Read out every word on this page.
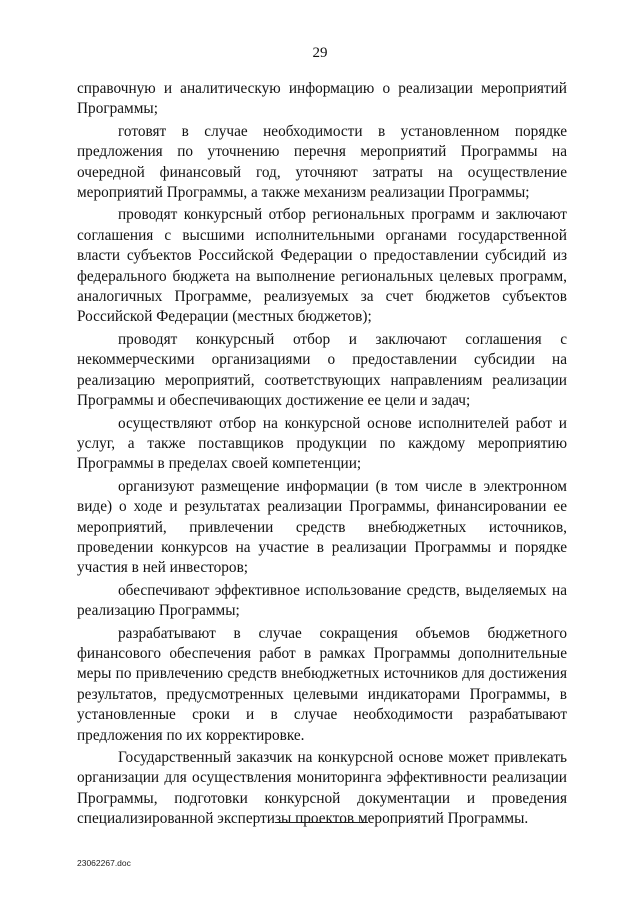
29

справочную и аналитическую информацию о реализации мероприятий Программы;

готовят в случае необходимости в установленном порядке предложения по уточнению перечня мероприятий Программы на очередной финансовый год, уточняют затраты на осуществление мероприятий Программы, а также механизм реализации Программы;

проводят конкурсный отбор региональных программ и заключают соглашения с высшими исполнительными органами государственной власти субъектов Российской Федерации о предоставлении субсидий из федерального бюджета на выполнение региональных целевых программ, аналогичных Программе, реализуемых за счет бюджетов субъектов Российской Федерации (местных бюджетов);

проводят конкурсный отбор и заключают соглашения с некоммерческими организациями о предоставлении субсидии на реализацию мероприятий, соответствующих направлениям реализации Программы и обеспечивающих достижение ее цели и задач;

осуществляют отбор на конкурсной основе исполнителей работ и услуг, а также поставщиков продукции по каждому мероприятию Программы в пределах своей компетенции;

организуют размещение информации (в том числе в электронном виде) о ходе и результатах реализации Программы, финансировании ее мероприятий, привлечении средств внебюджетных источников, проведении конкурсов на участие в реализации Программы и порядке участия в ней инвесторов;

обеспечивают эффективное использование средств, выделяемых на реализацию Программы;

разрабатывают в случае сокращения объемов бюджетного финансового обеспечения работ в рамках Программы дополнительные меры по привлечению средств внебюджетных источников для достижения результатов, предусмотренных целевыми индикаторами Программы, в установленные сроки и в случае необходимости разрабатывают предложения по их корректировке.

Государственный заказчик на конкурсной основе может привлекать организации для осуществления мониторинга эффективности реализации Программы, подготовки конкурсной документации и проведения специализированной экспертизы проектов мероприятий Программы.

23062267.doc
